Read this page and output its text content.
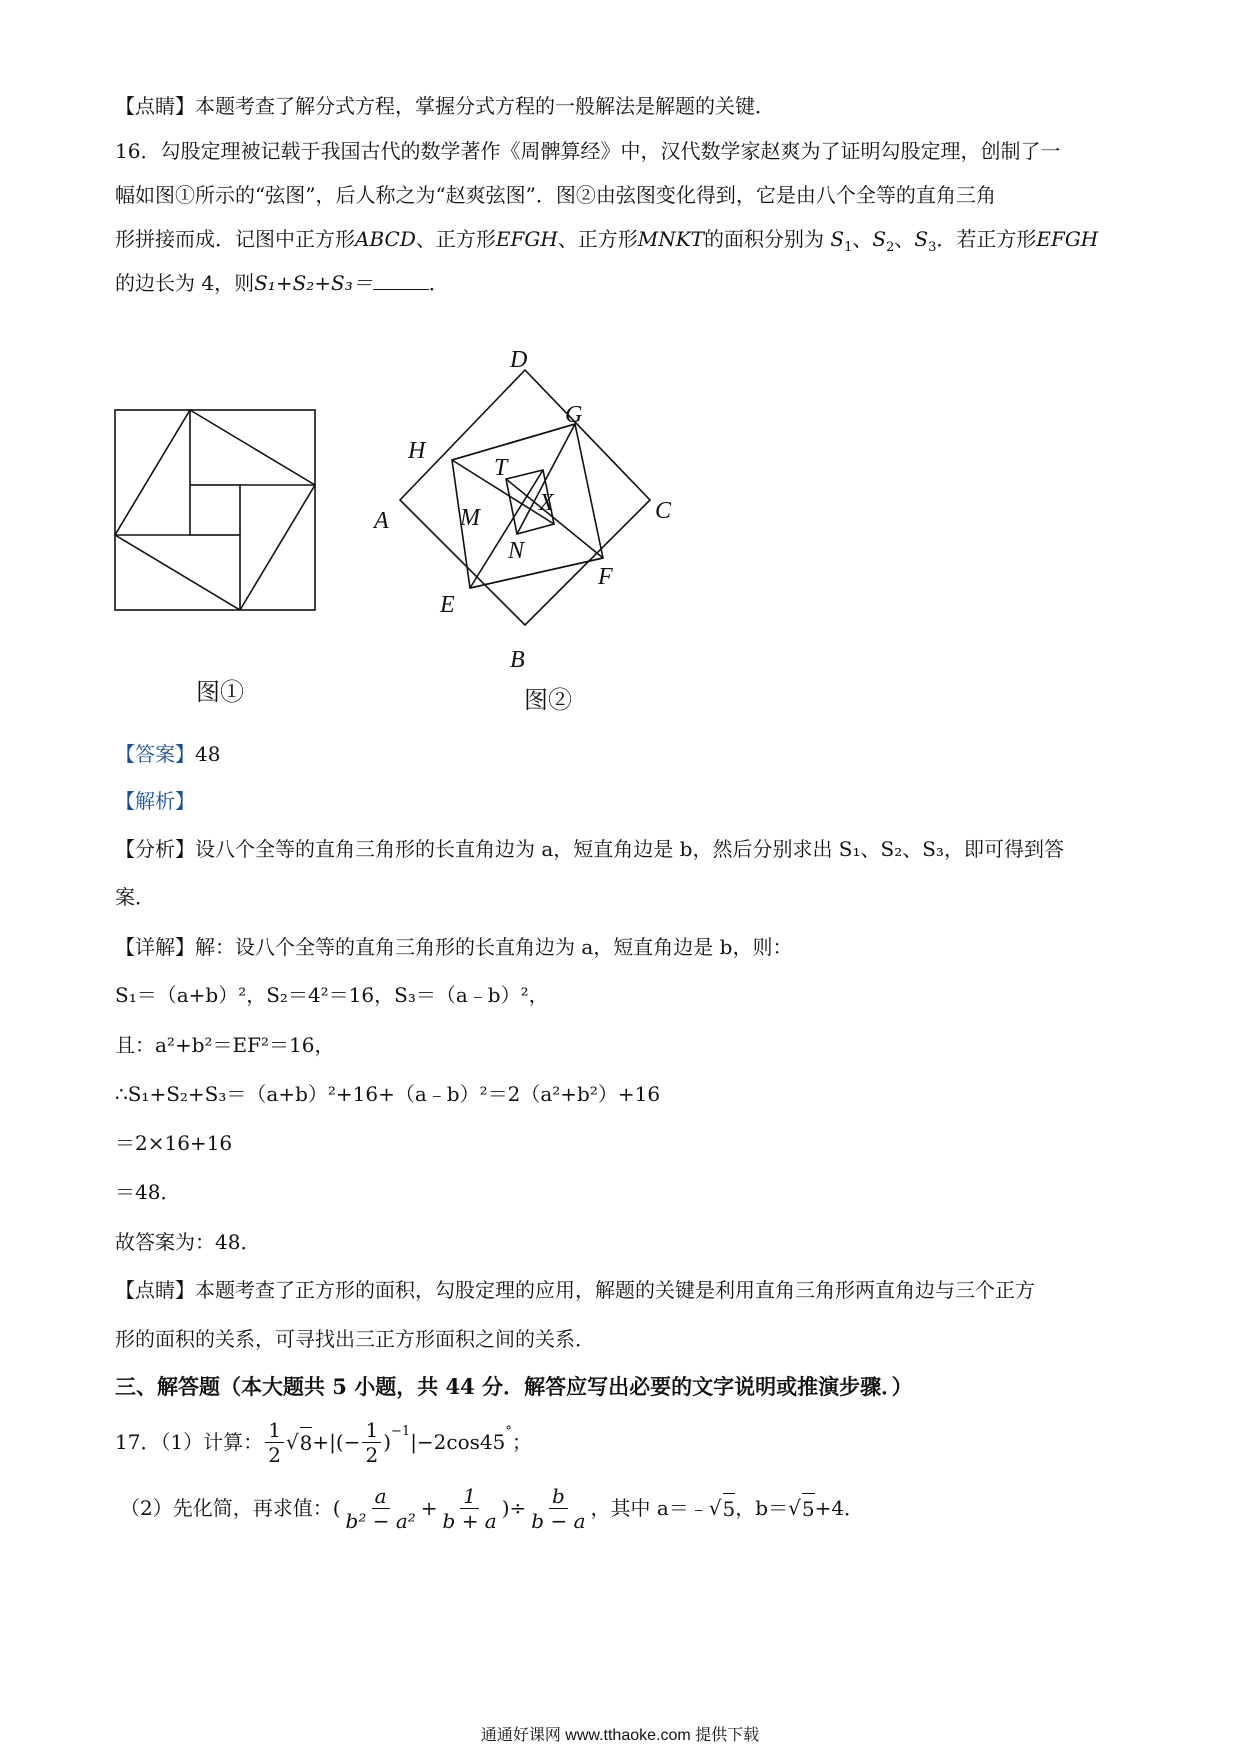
【点睛】本题考查了解分式方程，掌握分式方程的一般解法是解题的关键．
16．勾股定理被记载于我国古代的数学著作《周髀算经》中，汉代数学家赵爽为了证明勾股定理，创制了一
幅如图①所示的“弦图”，后人称之为“赵爽弦图”．图②由弦图变化得到，它是由八个全等的直角三角
形拼接而成．记图中正方形ABCD、正方形EFGH、正方形MNKT的面积分别为 $S_1$、$S_2$、$S_3$．若正方形EFGH
的边长为 4，则S₁+S₂+S₃＝	．
图①
D
G
H
T
X
A	C
M
N
F
E
B
图②
【答案】48
【解析】
【分析】设八个全等的直角三角形的长直角边为 a，短直角边是 b，然后分别求出 S₁、S₂、S₃，即可得到答
案．
【详解】解：设八个全等的直角三角形的长直角边为 a，短直角边是 b，则：
S₁＝（a+b）²，S₂＝4²＝16，S₃＝（a﹣b）²，
且：a²+b²＝EF²＝16，
∴S₁+S₂+S₃＝（a+b）²+16+（a﹣b）²＝2（a²+b²）+16
＝2×16+16
＝48．
故答案为：48．
【点睛】本题考查了正方形的面积，勾股定理的应用，解题的关键是利用直角三角形两直角边与三个正方
形的面积的关系，可寻找出三正方形面积之间的关系．
三、解答题（本大题共 5 小题，共 44 分．解答应写出必要的文字说明或推演步骤．）
17．（1）计算： $\frac{1}{2}$ √ 8 +|(− $\frac{1}{2} )^{-1}$ |−2cos45° ；
（2）先化简，再求值：( $\frac{a}{\text{b² − a²}} + \frac{1}{b + a}$ )÷ $\frac{b}{b - a}$ ，其中 a＝﹣ √ 5 ，b＝ √ 5 +4．
通通好课网 www.tthaoke.com 提供下载
